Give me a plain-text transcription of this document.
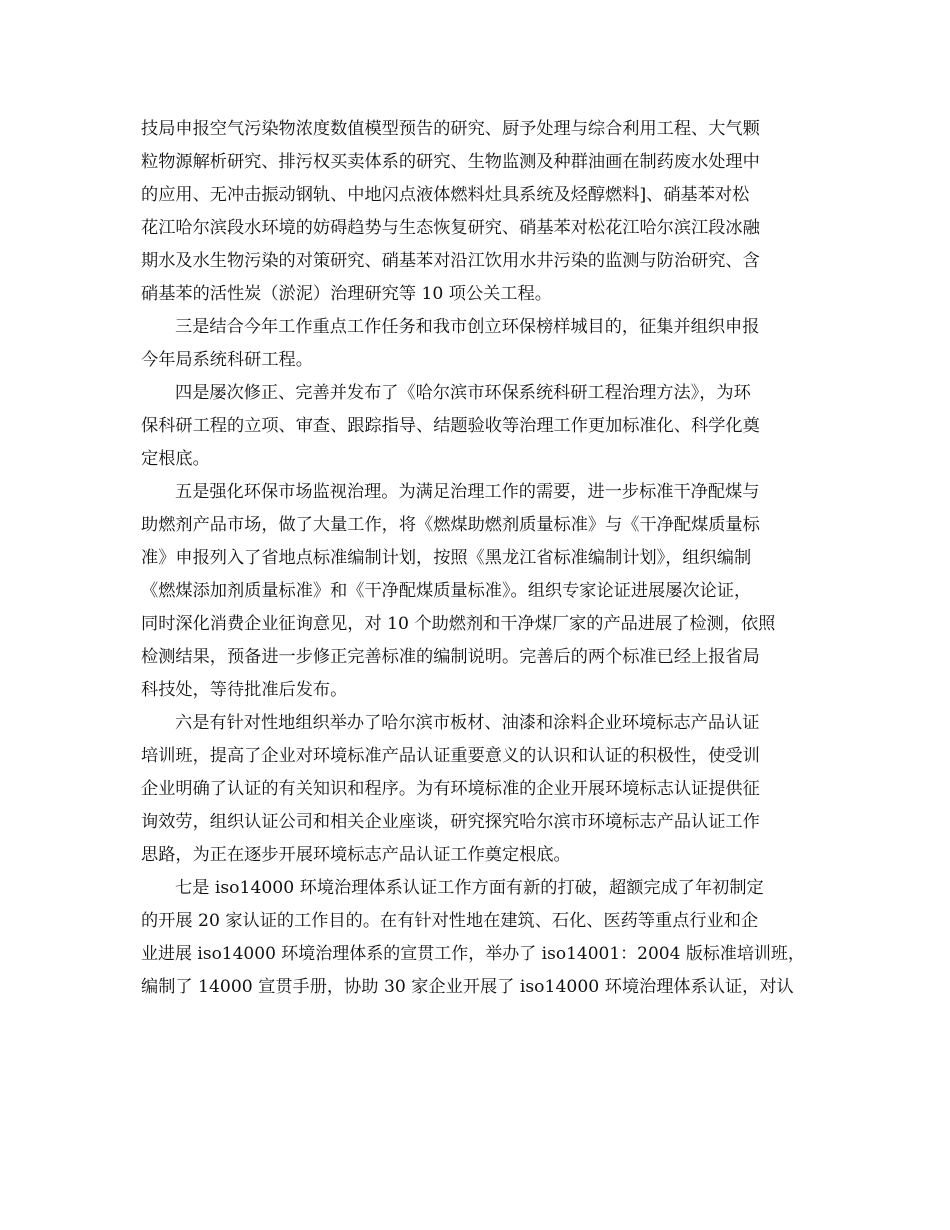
技局申报空气污染物浓度数值模型预告的研究、厨予处理与综合利用工程、大气颗
粒物源解析研究、排污权买卖体系的研究、生物监测及种群油画在制药废水处理中
的应用、无冲击振动钢轨、中地闪点液体燃料灶具系统及烃醇燃料]、硝基苯对松
花江哈尔滨段水环境的妨碍趋势与生态恢复研究、硝基苯对松花江哈尔滨江段冰融
期水及水生物污染的对策研究、硝基苯对沿江饮用水井污染的监测与防治研究、含
硝基苯的活性炭（淤泥）治理研究等 10 项公关工程。
三是结合今年工作重点工作任务和我市创立环保榜样城目的，征集并组织申报
今年局系统科研工程。
四是屡次修正、完善并发布了《哈尔滨市环保系统科研工程治理方法》，为环
保科研工程的立项、审查、跟踪指导、结题验收等治理工作更加标准化、科学化奠
定根底。
五是强化环保市场监视治理。为满足治理工作的需要，进一步标准干净配煤与
助燃剂产品市场，做了大量工作，将《燃煤助燃剂质量标准》与《干净配煤质量标
准》申报列入了省地点标准编制计划，按照《黑龙江省标准编制计划》，组织编制
《燃煤添加剂质量标准》和《干净配煤质量标准》。组织专家论证进展屡次论证，
同时深化消费企业征询意见，对 10 个助燃剂和干净煤厂家的产品进展了检测，依照
检测结果，预备进一步修正完善标准的编制说明。完善后的两个标准已经上报省局
科技处，等待批准后发布。
六是有针对性地组织举办了哈尔滨市板材、油漆和涂料企业环境标志产品认证
培训班，提高了企业对环境标准产品认证重要意义的认识和认证的积极性，使受训
企业明确了认证的有关知识和程序。为有环境标准的企业开展环境标志认证提供征
询效劳，组织认证公司和相关企业座谈，研究探究哈尔滨市环境标志产品认证工作
思路，为正在逐步开展环境标志产品认证工作奠定根底。
七是 iso14000 环境治理体系认证工作方面有新的打破，超额完成了年初制定
的开展 20 家认证的工作目的。在有针对性地在建筑、石化、医药等重点行业和企
业进展 iso14000 环境治理体系的宣贯工作，举办了 iso14001：2004 版标准培训班，
编制了 14000 宣贯手册，协助 30 家企业开展了 iso14000 环境治理体系认证，对认
